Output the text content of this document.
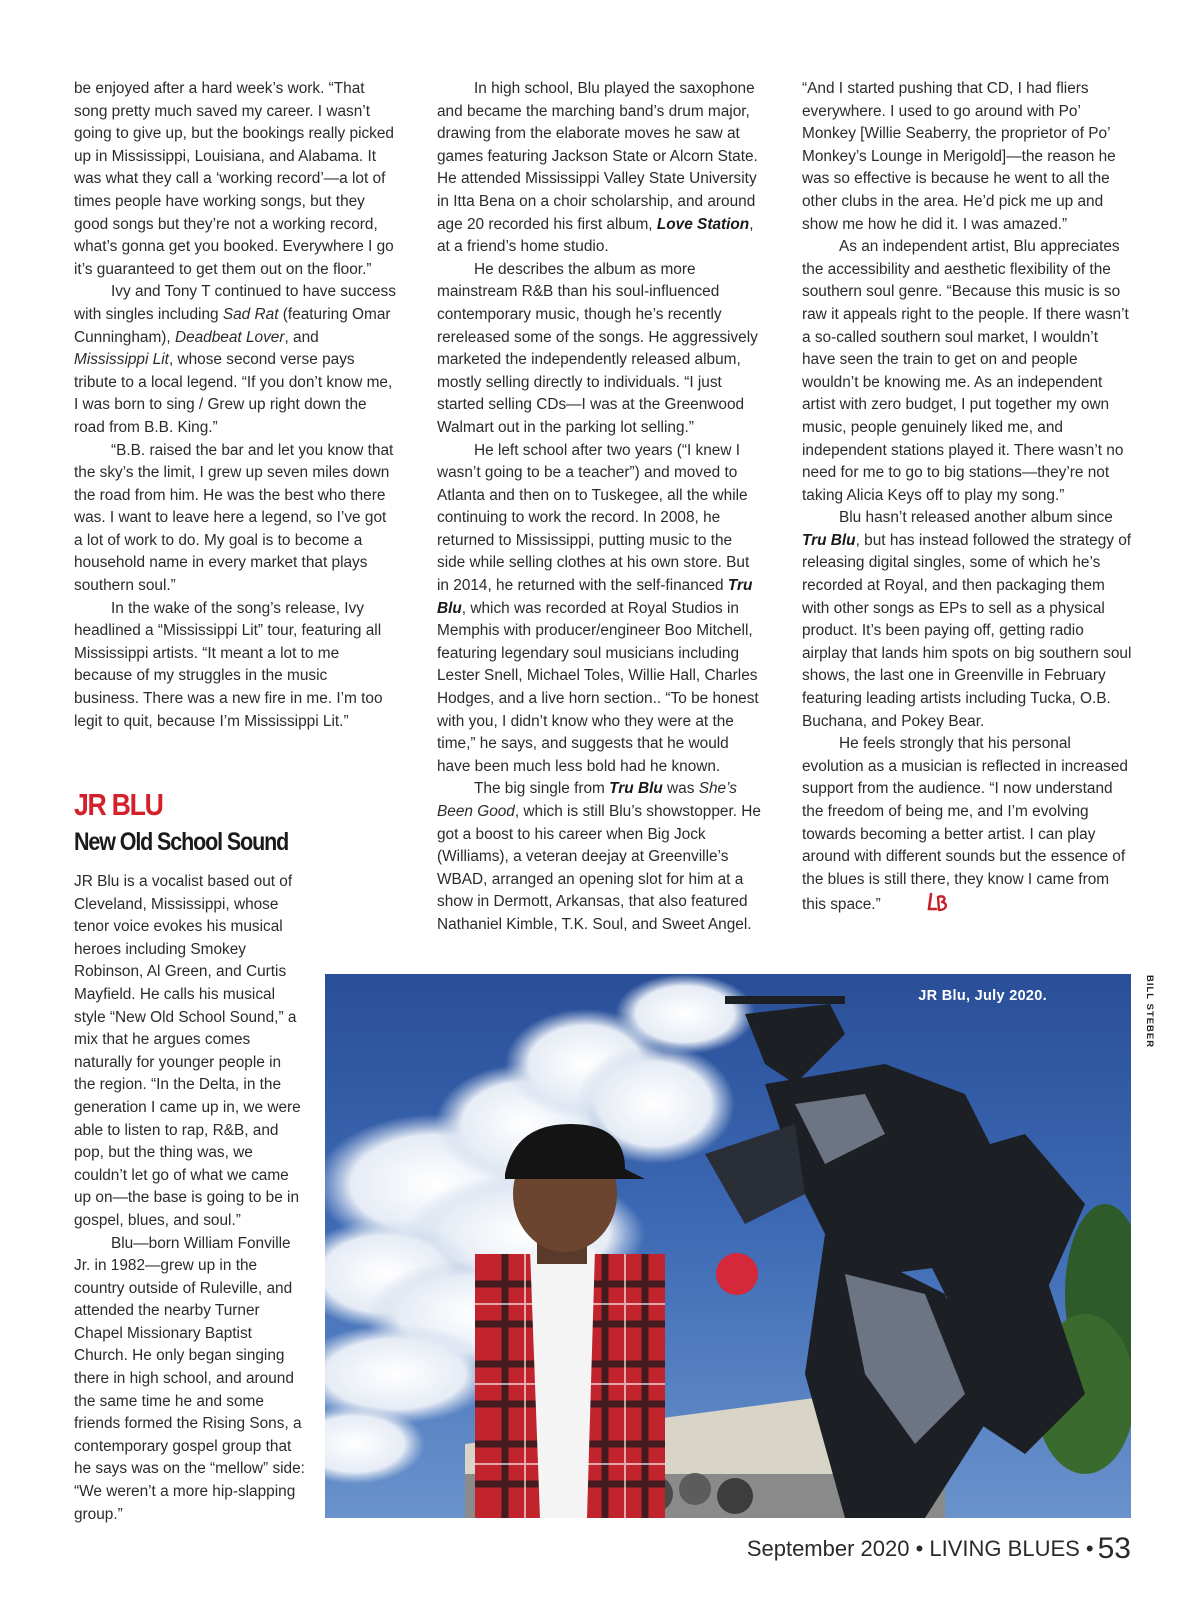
be enjoyed after a hard week’s work. “That song pretty much saved my career. I wasn’t going to give up, but the bookings really picked up in Mississippi, Louisiana, and Alabama. It was what they call a ‘working record’—a lot of times people have working songs, but they good songs but they’re not a working record, what’s gonna get you booked. Everywhere I go it’s guaranteed to get them out on the floor.”

Ivy and Tony T continued to have success with singles including Sad Rat (featuring Omar Cunningham), Deadbeat Lover, and Mississippi Lit, whose second verse pays tribute to a local legend. “If you don’t know me, I was born to sing / Grew up right down the road from B.B. King.”

“B.B. raised the bar and let you know that the sky’s the limit, I grew up seven miles down the road from him. He was the best who there was. I want to leave here a legend, so I’ve got a lot of work to do. My goal is to become a household name in every market that plays southern soul.”

In the wake of the song’s release, Ivy headlined a “Mississippi Lit” tour, featuring all Mississippi artists. “It meant a lot to me because of my struggles in the music business. There was a new fire in me. I’m too legit to quit, because I’m Mississippi Lit.”

JR BLU
New Old School Sound

JR Blu is a vocalist based out of Cleveland, Mississippi, whose tenor voice evokes his musical heroes including Smokey Robinson, Al Green, and Curtis Mayfield. He calls his musical style “New Old School Sound,” a mix that he argues comes naturally for younger people in the region. “In the Delta, in the generation I came up in, we were able to listen to rap, R&B, and pop, but the thing was, we couldn’t let go of what we came up on—the base is going to be in gospel, blues, and soul.”

Blu—born William Fonville Jr. in 1982—grew up in the country outside of Ruleville, and attended the nearby Turner Chapel Missionary Baptist Church. He only began singing there in high school, and around the same time he and some friends formed the Rising Sons, a contemporary gospel group that he says was on the “mellow” side: “We weren’t a more hip-slapping group.”

In high school, Blu played the saxophone and became the marching band’s drum major, drawing from the elaborate moves he saw at games featuring Jackson State or Alcorn State. He attended Mississippi Valley State University in Itta Bena on a choir scholarship, and around age 20 recorded his first album, Love Station, at a friend’s home studio.

He describes the album as more mainstream R&B than his soul-influenced contemporary music, though he’s recently rereleased some of the songs. He aggressively marketed the independently released album, mostly selling directly to individuals. “I just started selling CDs—I was at the Greenwood Walmart out in the parking lot selling.”

He left school after two years (“I knew I wasn’t going to be a teacher”) and moved to Atlanta and then on to Tuskegee, all the while continuing to work the record. In 2008, he returned to Mississippi, putting music to the side while selling clothes at his own store. But in 2014, he returned with the self-financed Tru Blu, which was recorded at Royal Studios in Memphis with producer/engineer Boo Mitchell, featuring legendary soul musicians including Lester Snell, Michael Toles, Willie Hall, Charles Hodges, and a live horn section.. “To be honest with you, I didn’t know who they were at the time,” he says, and suggests that he would have been much less bold had he known.

The big single from Tru Blu was She’s Been Good, which is still Blu’s showstopper. He got a boost to his career when Big Jock (Williams), a veteran deejay at Greenville’s WBAD, arranged an opening slot for him at a show in Dermott, Arkansas, that also featured Nathaniel Kimble, T.K. Soul, and Sweet Angel.

“And I started pushing that CD, I had fliers everywhere. I used to go around with Po’ Monkey [Willie Seaberry, the proprietor of Po’ Monkey’s Lounge in Merigold]—the reason he was so effective is because he went to all the other clubs in the area. He’d pick me up and show me how he did it. I was amazed.”

As an independent artist, Blu appreciates the accessibility and aesthetic flexibility of the southern soul genre. “Because this music is so raw it appeals right to the people. If there wasn’t a so-called southern soul market, I wouldn’t have seen the train to get on and people wouldn’t be knowing me. As an independent artist with zero budget, I put together my own music, people genuinely liked me, and independent stations played it. There wasn’t no need for me to go to big stations—they’re not taking Alicia Keys off to play my song.”

Blu hasn’t released another album since Tru Blu, but has instead followed the strategy of releasing digital singles, some of which he’s recorded at Royal, and then packaging them with other songs as EPs to sell as a physical product. It’s been paying off, getting radio airplay that lands him spots on big southern soul shows, the last one in Greenville in February featuring leading artists including Tucka, O.B. Buchana, and Pokey Bear.

He feels strongly that his personal evolution as a musician is reflected in increased support from the audience. “I now understand the freedom of being me, and I’m evolving towards becoming a better artist. I can play around with different sounds but the essence of the blues is still there, they know I came from this space.”

JR Blu, July 2020.	BILL STEBER
September 2020 • LIVING BLUES • 53
